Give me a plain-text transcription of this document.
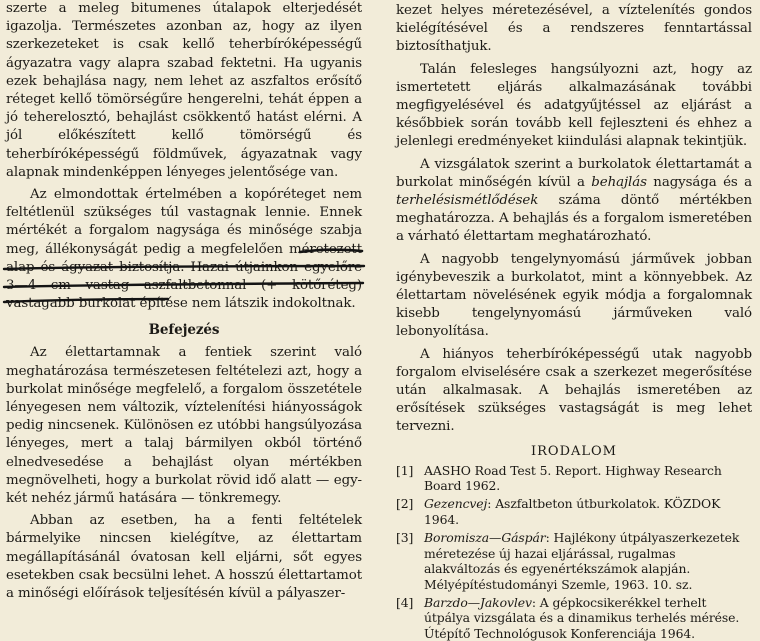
szerte a meleg bitumenes útalapok elterjedését igazolja. Természetes azonban az, hogy az ilyen szerkezeteket is csak kellő teherbíróképességű ágyazatra vagy alapra szabad fektetni. Ha ugyanis ezek behajlása nagy, nem lehet az aszfaltos erősítő réteget kellő tömörségűre hengerelni, tehát éppen a jó teherelosztó, behajlást csökkentő hatást elérni. A jól előkészített kellő tömörségű és teherbíróképességű földművek, ágyazatnak vagy alapnak mindenképpen lényeges jelentősége van.

Az elmondottak értelmében a kopóréteget nem feltétlenül szükséges túl vastagnak lennie. Ennek mértékét a forgalom nagysága és minősége szabja meg, állékonyságát pedig a megfelelően méretezett alap és ágyazat biztosítja. Hazai útjainkon egyelőre 3—4 cm vastag aszfaltbetonnal (+ kötőréteg) vastagabb burkolat építése nem látszik indokoltnak.

Befejezés

Az élettartamnak a fentiek szerint való meghatározása természetesen feltételezi azt, hogy a burkolat minősége megfelelő, a forgalom összetétele lényegesen nem változik, víztelenítési hiányosságok pedig nincsenek. Különösen ez utóbbi hangsúlyozása lényeges, mert a talaj bármilyen okból történő elnedvesedése a behajlást olyan mértékben megnövelheti, hogy a burkolat rövid idő alatt — egy-két nehéz jármű hatására — tönkremegy.

Abban az esetben, ha a fenti feltételek bármelyike nincsen kielégítve, az élettartam megállapításánál óvatosan kell eljárni, sőt egyes esetekben csak becsülni lehet. A hosszú élettartamot a minőségi előírások teljesítésén kívül a pályaszer-

kezet helyes méretezésével, a víztelenítés gondos kielégítésével és a rendszeres fenntartással biztosíthatjuk.

Talán felesleges hangsúlyozni azt, hogy az ismertetett eljárás alkalmazásának további megfigyelésével és adatgyűjtéssel az eljárást a későbbiek során tovább kell fejleszteni és ehhez a jelenlegi eredményeket kiindulási alapnak tekintjük.

A vizsgálatok szerint a burkolatok élettartamát a burkolat minőségén kívül a behajlás nagysága és a terhelésismétlődések száma döntő mértékben meghatározza. A behajlás és a forgalom ismeretében a várható élettartam meghatározható.

A nagyobb tengelynyomású járművek jobban igénybeveszik a burkolatot, mint a könnyebbek. Az élettartam növelésének egyik módja a forgalomnak kisebb tengelynyomású járműveken való lebonyolítása.

A hiányos teherbíróképességű utak nagyobb forgalom elviselésére csak a szerkezet megerősítése után alkalmasak. A behajlás ismeretében az erősítések szükséges vastagságát is meg lehet tervezni.

IRODALOM
[1] AASHO Road Test 5. Report. Highway Research Board 1962.
[2] Gezencvej: Aszfaltbeton útburkolatok. KÖZDOK 1964.
[3] Boromisza—Gáspár: Hajlékony útpályaszerkezetek méretezése új hazai eljárással, rugalmas alakváltozás és egyenértékszámok alapján. Mélyépítéstudományi Szemle, 1963. 10. sz.
[4] Barzdo—Jakovlev: A gépkocsikerékkel terhelt útpálya vizsgálata és a dinamikus terhelés mérése. Útépítő Technológusok Konferenciája 1964.
